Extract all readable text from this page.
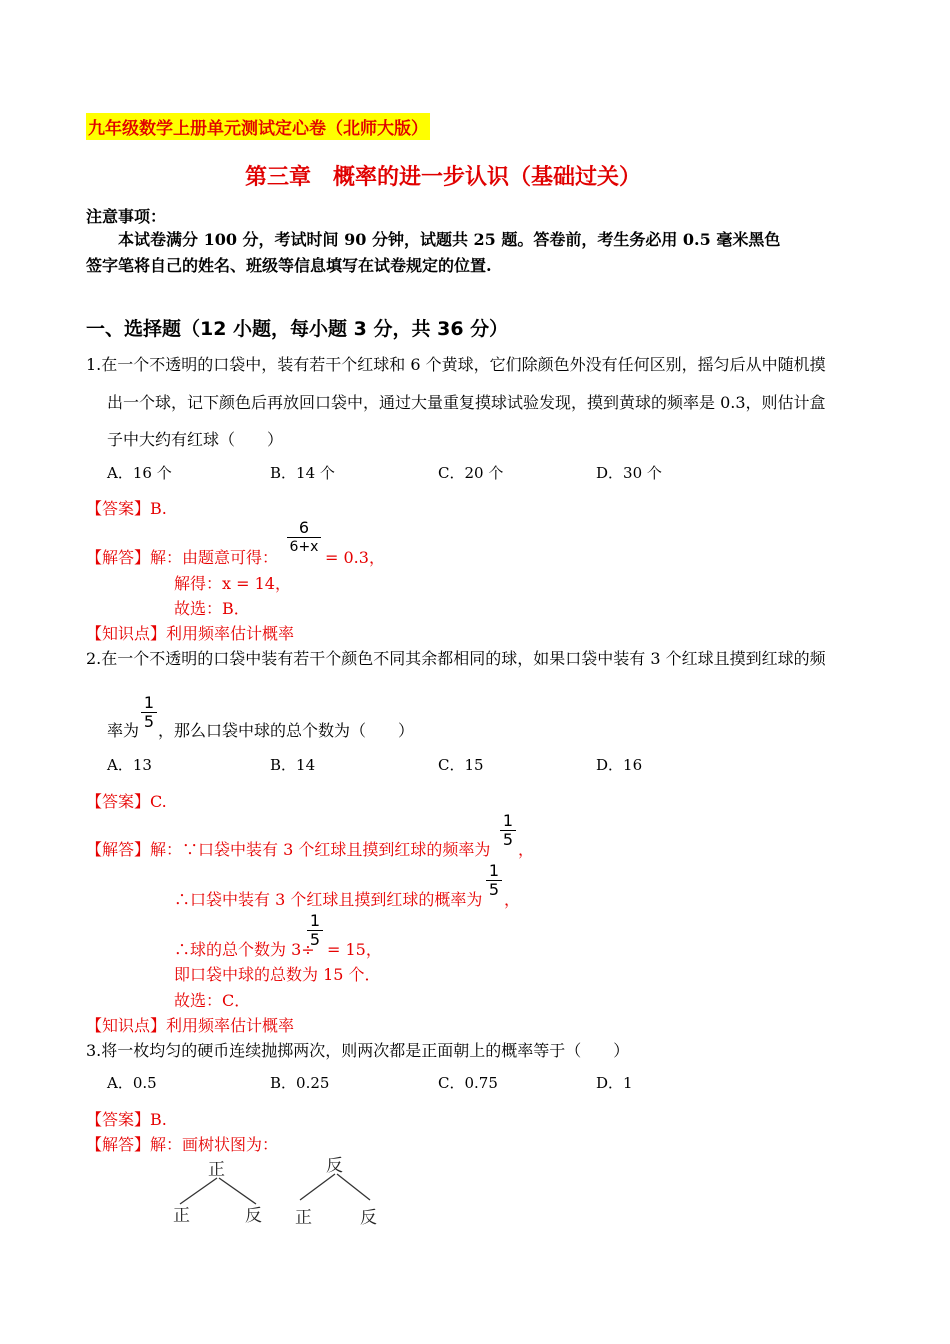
九年级数学上册单元测试定心卷（北师大版）
第三章　概率的进一步认识（基础过关）
注意事项：
本试卷满分 100 分，考试时间 90 分钟，试题共 25 题。答卷前，考生务必用 0.5 毫米黑色
签字笔将自己的姓名、班级等信息填写在试卷规定的位置.
一、选择题（12 小题，每小题 3 分，共 36 分）
1.在一个不透明的口袋中，装有若干个红球和 6 个黄球，它们除颜色外没有任何区别，摇匀后从中随机摸
出一个球，记下颜色后再放回口袋中，通过大量重复摸球试验发现，摸到黄球的频率是 0.3，则估计盒
子中大约有红球（　　）
A．16 个	B．14 个	C．20 个	D．30 个
【答案】B.
【解答】解：由题意可得：
6
6+x
= 0.3，
解得：x = 14，
故选：B．
【知识点】利用频率估计概率
2.在一个不透明的口袋中装有若干个颜色不同其余都相同的球，如果口袋中装有 3 个红球且摸到红球的频
率为
1
5 ，那么口袋中球的总个数为（　　）
A．13	B．14	C．15	D．16
【答案】C.
【解答】解：∵口袋中装有 3 个红球且摸到红球的频率为
1
5
，
∴口袋中装有 3 个红球且摸到红球的概率为
1
5
，
∴球的总个数为 3÷
1
5
= 15，
即口袋中球的总数为 15 个．
故选：C．
【知识点】利用频率估计概率
3.将一枚均匀的硬币连续抛掷两次，则两次都是正面朝上的概率等于（　　）
A．0.5	B．0.25	C．0.75	D．1
【答案】B.
【解答】解：画树状图为：
正
正	反
反
正	反
